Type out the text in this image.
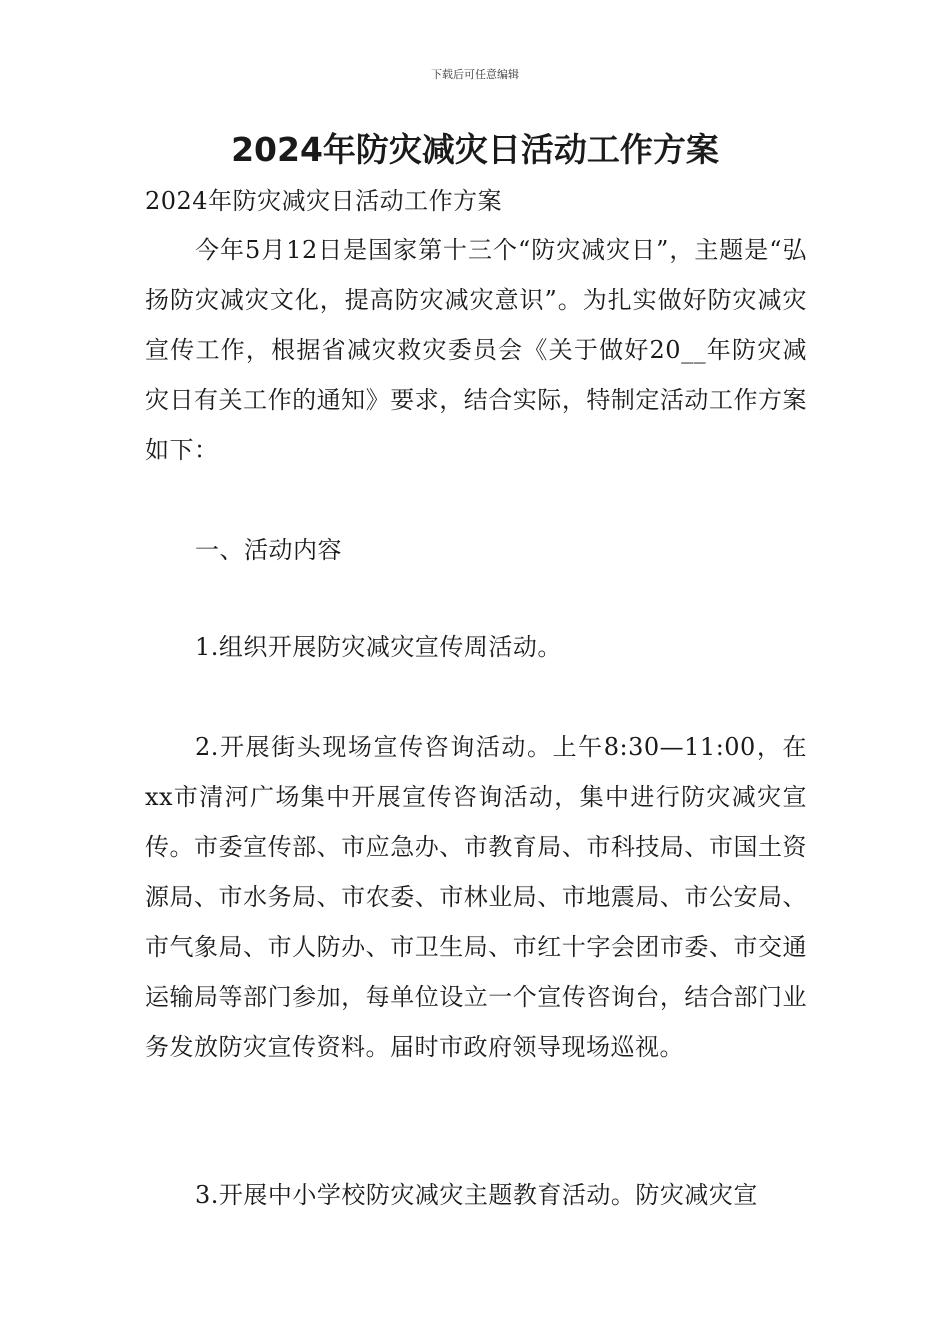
下载后可任意编辑
2024年防灾减灾日活动工作方案

2024年防灾减灾日活动工作方案

今年5月12日是国家第十三个“防灾减灾日”，主题是“弘扬防灾减灾文化，提高防灾减灾意识”。为扎实做好防灾减灾宣传工作，根据省减灾救灾委员会《关于做好20__年防灾减灾日有关工作的通知》要求，结合实际，特制定活动工作方案如下：

一、活动内容

1.组织开展防灾减灾宣传周活动。

2.开展街头现场宣传咨询活动。上午8:30—11:00，在xx市清河广场集中开展宣传咨询活动，集中进行防灾减灾宣传。市委宣传部、市应急办、市教育局、市科技局、市国土资源局、市水务局、市农委、市林业局、市地震局、市公安局、市气象局、市人防办、市卫生局、市红十字会团市委、市交通运输局等部门参加，每单位设立一个宣传咨询台，结合部门业务发放防灾宣传资料。届时市政府领导现场巡视。

3.开展中小学校防灾减灾主题教育活动。防灾减灾宣
